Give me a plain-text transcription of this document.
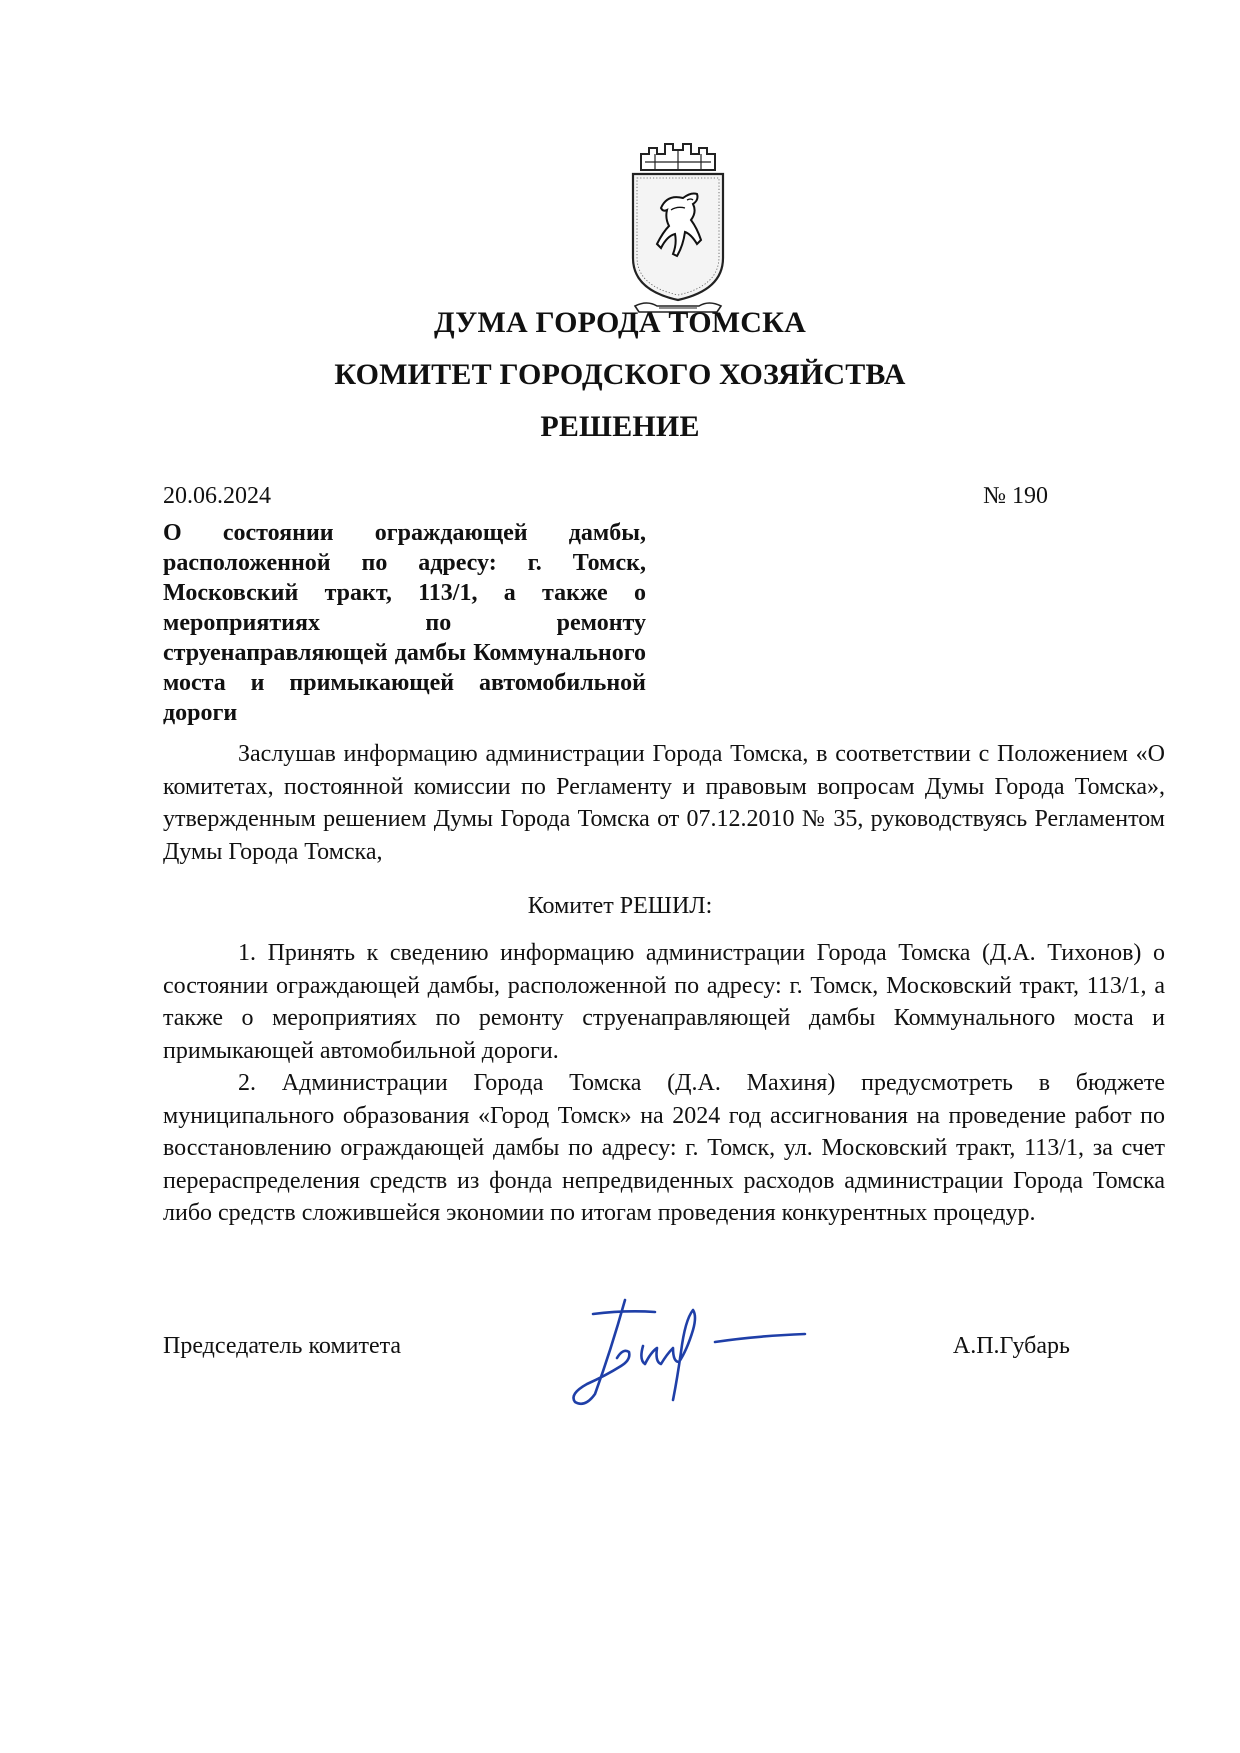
ДУМА ГОРОДА ТОМСКА
КОМИТЕТ ГОРОДСКОГО ХОЗЯЙСТВА
РЕШЕНИЕ
20.06.2024	№ 190
О состоянии ограждающей дамбы, расположенной по адресу: г. Томск, Московский тракт, 113/1, а также о мероприятиях по ремонту струенаправляющей дамбы Коммунального моста и примыкающей автомобильной дороги
Заслушав информацию администрации Города Томска, в соответствии с Положением «О комитетах, постоянной комиссии по Регламенту и правовым вопросам Думы Города Томска», утвержденным решением Думы Города Томска от 07.12.2010 № 35, руководствуясь Регламентом Думы Города Томска,
Комитет РЕШИЛ:
1. Принять к сведению информацию администрации Города Томска (Д.А. Тихонов) о состоянии ограждающей дамбы, расположенной по адресу: г. Томск, Московский тракт, 113/1, а также о мероприятиях по ремонту струенаправляющей дамбы Коммунального моста и примыкающей автомобильной дороги.
2. Администрации Города Томска (Д.А. Махиня) предусмотреть в бюджете муниципального образования «Город Томск» на 2024 год ассигнования на проведение работ по восстановлению ограждающей дамбы по адресу: г. Томск, ул. Московский тракт, 113/1, за счет перераспределения средств из фонда непредвиденных расходов администрации Города Томска либо средств сложившейся экономии по итогам проведения конкурентных процедур.
Председатель комитета	А.П.Губарь
